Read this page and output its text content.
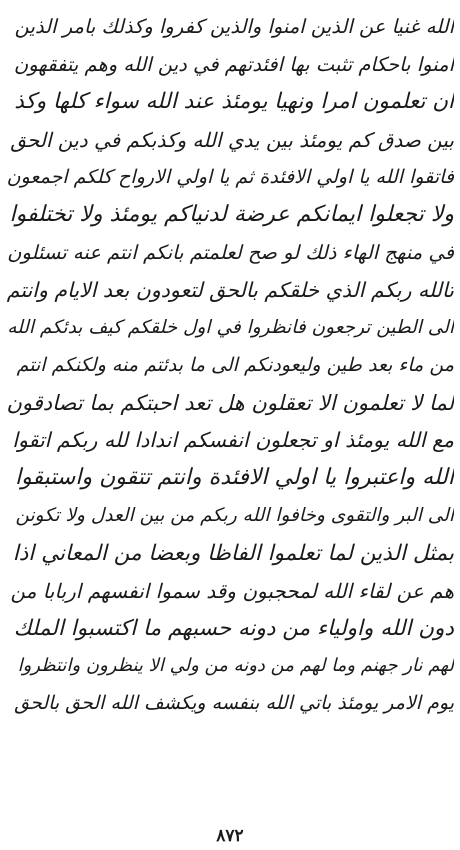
الله غنيا عن الذين امنوا والذين كفروا وكذلك بامر الذين
امنوا باحكام تثبت بها افئدتهم في دين الله وهم يتفقهون
ان تعلمون امرا ونهيا يومئذ عند الله سواء كلها وكذ
بين صدق كم يومئذ بين يدي الله وكذبكم في دين الحق
فاتقوا الله يا اولي الافئدة ثم يا اولي الارواح كلكم اجمعون
ولا تجعلوا ايمانكم عرضة لدنياكم يومئذ ولا تختلفوا
في منهج الهاء ذلك لو صح لعلمتم بانكم انتم عنه تسئلون
تالله ربكم الذي خلقكم بالحق لتعودون بعد الايام وانتم
الى الطين ترجعون فانظروا في اول خلقكم كيف بدئكم الله
من ماء بعد طين وليعودنكم الى ما بدئتم منه ولكنكم انتم
لما لا تعلمون الا تعقلون هل تعد احبتكم بما تصادقون
مع الله يومئذ او تجعلون انفسكم اندادا لله ربكم اتقوا
الله واعتبروا يا اولي الافئدة وانتم تتقون واستبقوا
الى البر والتقوى وخافوا الله ربكم من بين العدل ولا تكونن
بمثل الذين لما تعلموا الفاظا وبعضا من المعاني اذا
هم عن لقاء الله لمحجبون وقد سموا انفسهم اربابا من
دون الله واولياء من دونه حسبهم ما اكتسبوا الملك
لهم نار جهنم وما لهم من دونه من ولي الا ينظرون وانتظروا
يوم الامر يومئذ باتي الله بنفسه ويكشف الله الحق بالحق
٨٧٢
